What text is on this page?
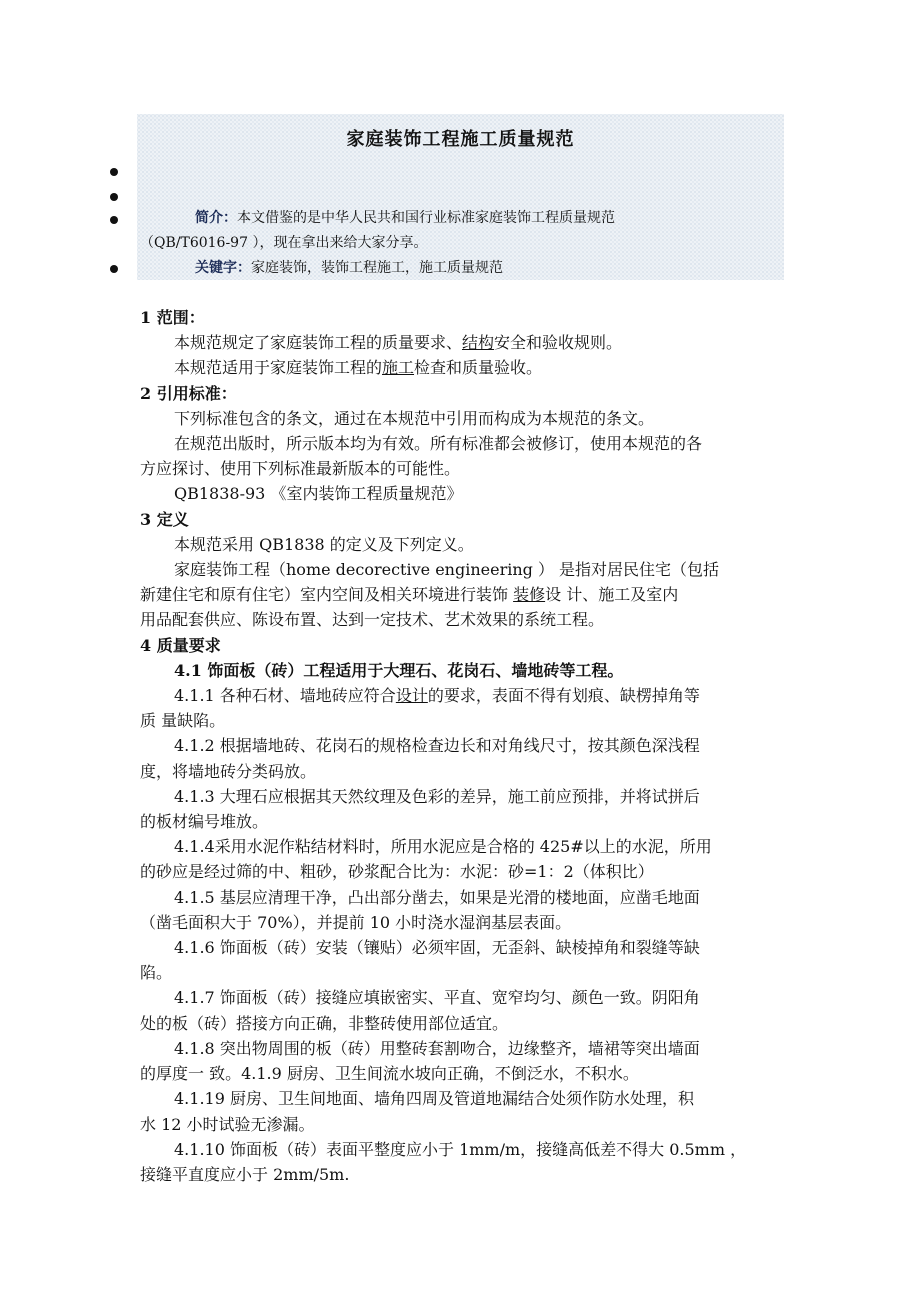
家庭装饰工程施工质量规范
简介：本文借鉴的是中华人民共和国行业标准家庭装饰工程质量规范
（QB/T6016-97 ），现在拿出来给大家分享。
关键字：家庭装饰，装饰工程施工，施工质量规范

1 范围：

本规范规定了家庭装饰工程的质量要求、结构安全和验收规则。

本规范适用于家庭装饰工程的施工检查和质量验收。

2 引用标准：

下列标准包含的条文，通过在本规范中引用而构成为本规范的条文。

在规范出版时，所示版本均为有效。所有标准都会被修订，使用本规范的各

方应探讨、使用下列标准最新版本的可能性。

QB1838-93 《室内装饰工程质量规范》

3 定义

本规范采用 QB1838 的定义及下列定义。

家庭装饰工程（home decorective engineering ） 是指对居民住宅（包括

新建住宅和原有住宅）室内空间及相关环境进行装饰 装修设 计、施工及室内

用品配套供应、陈设布置、达到一定技术、艺术效果的系统工程。

4 质量要求

4.1 饰面板（砖）工程适用于大理石、花岗石、墙地砖等工程。

4.1.1 各种石材、墙地砖应符合设计的要求，表面不得有划痕、缺楞掉角等

质 量缺陷。

4.1.2 根据墙地砖、花岗石的规格检查边长和对角线尺寸，按其颜色深浅程

度，将墙地砖分类码放。

4.1.3 大理石应根据其天然纹理及色彩的差异，施工前应预排，并将试拼后

的板材编号堆放。

4.1.4采用水泥作粘结材料时，所用水泥应是合格的 425#以上的水泥，所用

的砂应是经过筛的中、粗砂，砂浆配合比为：水泥：砂=1：2（体积比）

4.1.5 基层应清理干净，凸出部分凿去，如果是光滑的楼地面，应凿毛地面

（凿毛面积大于 70%），并提前 10 小时浇水湿润基层表面。

4.1.6 饰面板（砖）安装（镶贴）必须牢固，无歪斜、缺棱掉角和裂缝等缺

陷。

4.1.7 饰面板（砖）接缝应填嵌密实、平直、宽窄均匀、颜色一致。阴阳角

处的板（砖）搭接方向正确，非整砖使用部位适宜。

4.1.8 突出物周围的板（砖）用整砖套割吻合，边缘整齐，墙裙等突出墙面

的厚度一 致。4.1.9 厨房、卫生间流水坡向正确，不倒泛水，不积水。

4.1.19 厨房、卫生间地面、墙角四周及管道地漏结合处须作防水处理，积

水 12 小时试验无渗漏。

4.1.10 饰面板（砖）表面平整度应小于 1mm/m，接缝高低差不得大 0.5mm ，

接缝平直度应小于 2mm/5m.
